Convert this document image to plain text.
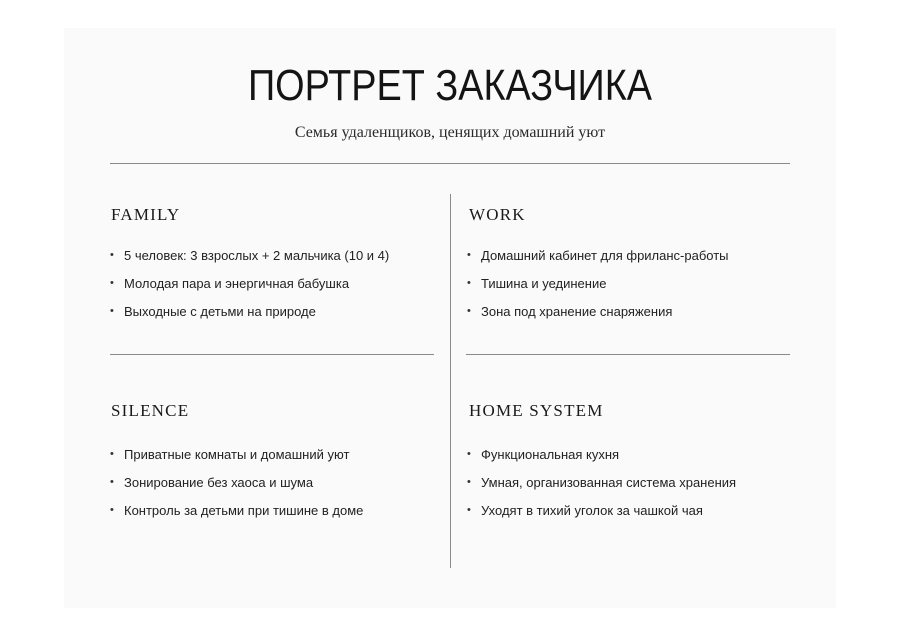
ПОРТРЕТ ЗАКАЗЧИКА
Семья удаленщиков, ценящих домашний уют
FAMILY
• 5 человек: 3 взрослых + 2 мальчика (10 и 4)
• Молодая пара и энергичная бабушка
• Выходные с детьми на природе
WORK
• Домашний кабинет для фриланс-работы
• Тишина и уединение
• Зона под хранение снаряжения
SILENCE
• Приватные комнаты и домашний уют
• Зонирование без хаоса и шума
• Контроль за детьми при тишине в доме
HOME SYSTEM
• Функциональная кухня
• Умная, организованная система хранения
• Уходят в тихий уголок за чашкой чая
